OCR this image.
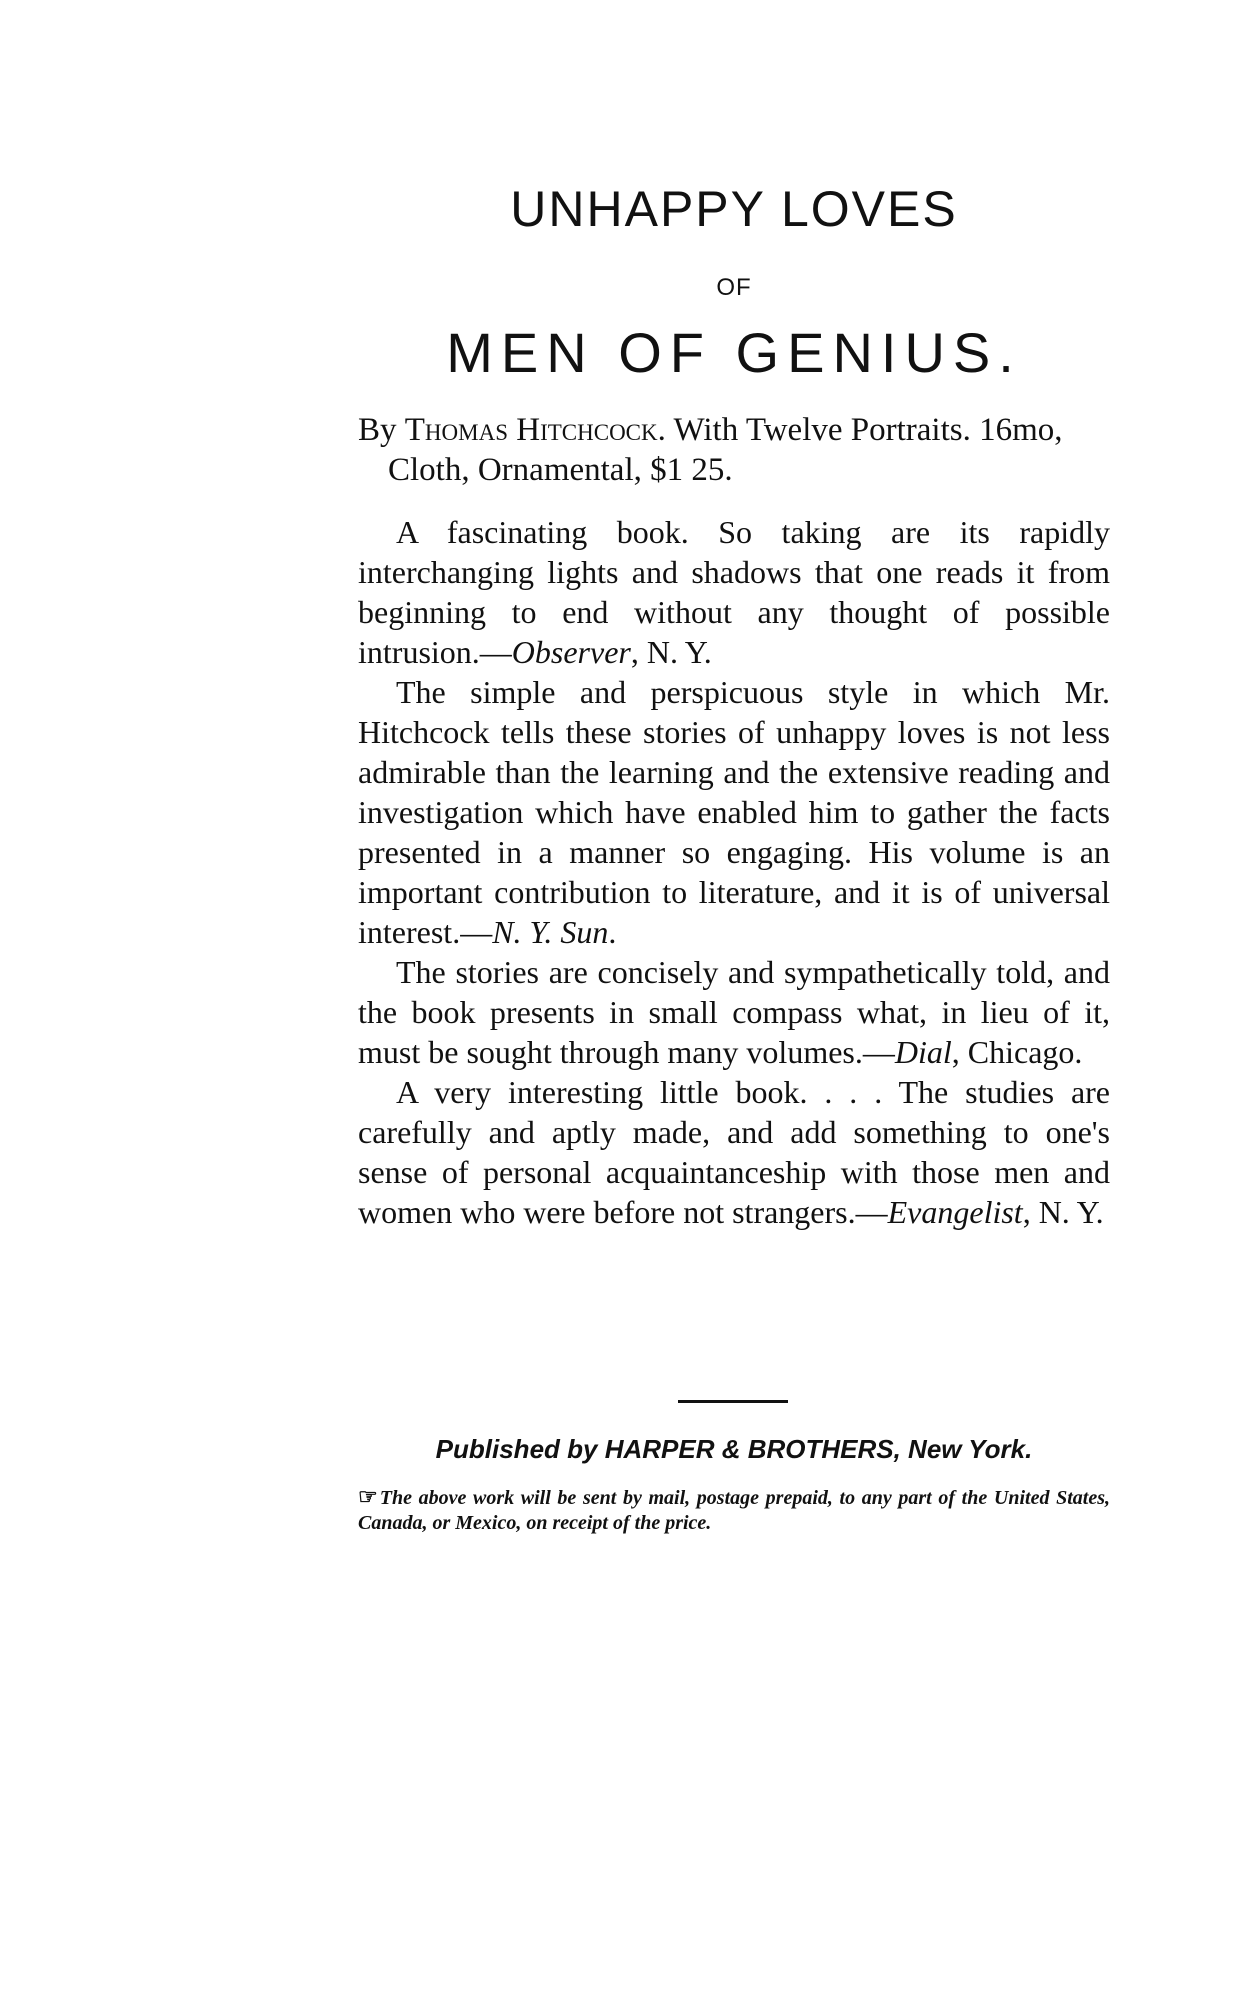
UNHAPPY LOVES
OF
MEN OF GENIUS.
By Thomas Hitchcock. With Twelve Portraits. 16mo, Cloth, Ornamental, $1 25.

A fascinating book. So taking are its rapidly interchanging lights and shadows that one reads it from beginning to end without any thought of possible intrusion.—Observer, N. Y.

The simple and perspicuous style in which Mr. Hitchcock tells these stories of unhappy loves is not less admirable than the learning and the extensive reading and investigation which have enabled him to gather the facts presented in a manner so engaging. His volume is an important contribution to literature, and it is of universal interest.—N. Y. Sun.

The stories are concisely and sympathetically told, and the book presents in small compass what, in lieu of it, must be sought through many volumes.—Dial, Chicago.

A very interesting little book. . . . The studies are carefully and aptly made, and add something to one's sense of personal acquaintanceship with those men and women who were before not strangers.—Evangelist, N. Y.

Published by HARPER & BROTHERS, New York.
☞ The above work will be sent by mail, postage prepaid, to any part of the United States, Canada, or Mexico, on receipt of the price.
